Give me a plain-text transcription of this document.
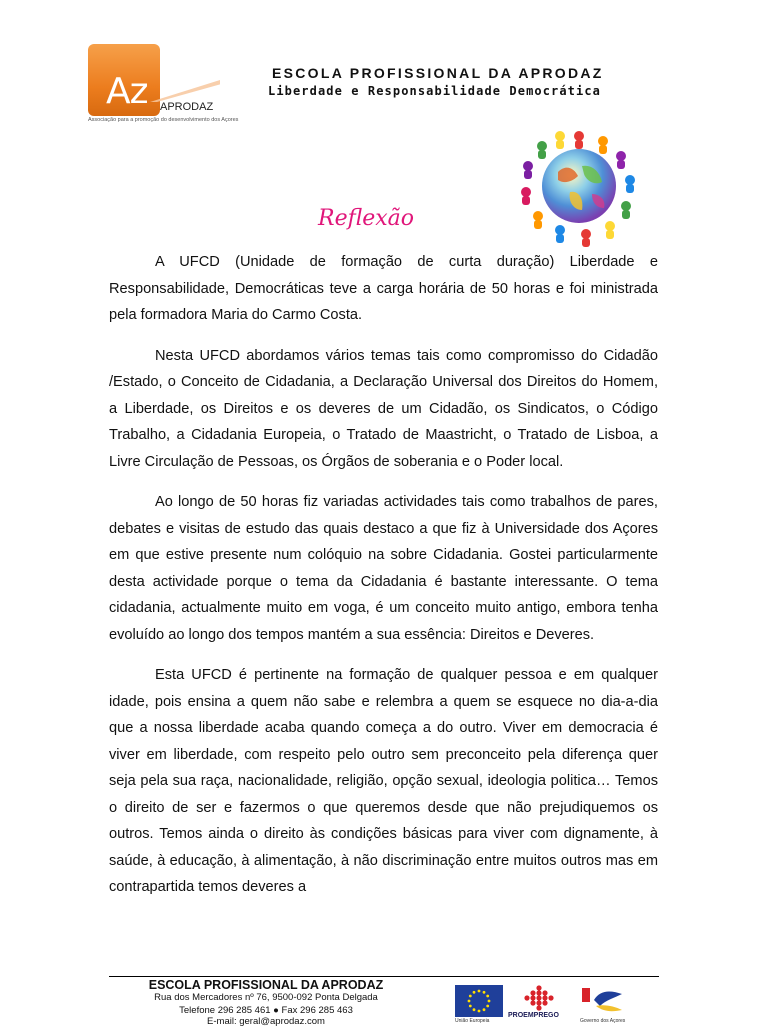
Az APRODAZ
Associação para a promoção do desenvolvimento dos Açores
ESCOLA PROFISSIONAL DA APRODAZ
Liberdade e Responsabilidade Democrática
Reflexão

A UFCD (Unidade de formação de curta duração) Liberdade e Responsabilidade, Democráticas teve a carga horária de 50 horas e foi ministrada pela formadora Maria do Carmo Costa.

Nesta UFCD abordamos vários temas tais como compromisso do Cidadão /Estado, o Conceito de Cidadania, a Declaração Universal dos Direitos do Homem, a Liberdade, os Direitos e os deveres de um Cidadão, os Sindicatos, o Código Trabalho, a Cidadania Europeia, o Tratado de Maastricht, o Tratado de Lisboa, a Livre Circulação de Pessoas, os Órgãos de soberania e o Poder local.

Ao longo de 50 horas fiz variadas actividades tais como trabalhos de pares, debates e visitas de estudo das quais destaco a que fiz à Universidade dos Açores em que estive presente num colóquio na sobre Cidadania. Gostei particularmente desta actividade porque o tema da Cidadania é bastante interessante. O tema cidadania, actualmente muito em voga, é um conceito muito antigo, embora tenha evoluído ao longo dos tempos mantém a sua essência: Direitos e Deveres.

Esta UFCD é pertinente na formação de qualquer pessoa e em qualquer idade, pois ensina a quem não sabe e relembra a quem se esquece no dia-a-dia que a nossa liberdade acaba quando começa a do outro. Viver em democracia é viver em liberdade, com respeito pelo outro sem preconceito pela diferença quer seja pela sua raça, nacionalidade, religião, opção sexual, ideologia politica… Temos o direito de ser e fazermos o que queremos desde que não prejudiquemos os outros. Temos ainda o direito às condições básicas para viver com dignamente, à saúde, à educação, à alimentação, à não discriminação entre muitos outros mas em contrapartida temos deveres a

ESCOLA PROFISSIONAL DA APRODAZ
Rua dos Mercadores nº 76, 9500-092 Ponta Delgada
Telefone 296 285 461 ● Fax 296 285 463
E-mail: geral@aprodaz.com	União Europeia
PROEMPREGO
Governo dos Açores
